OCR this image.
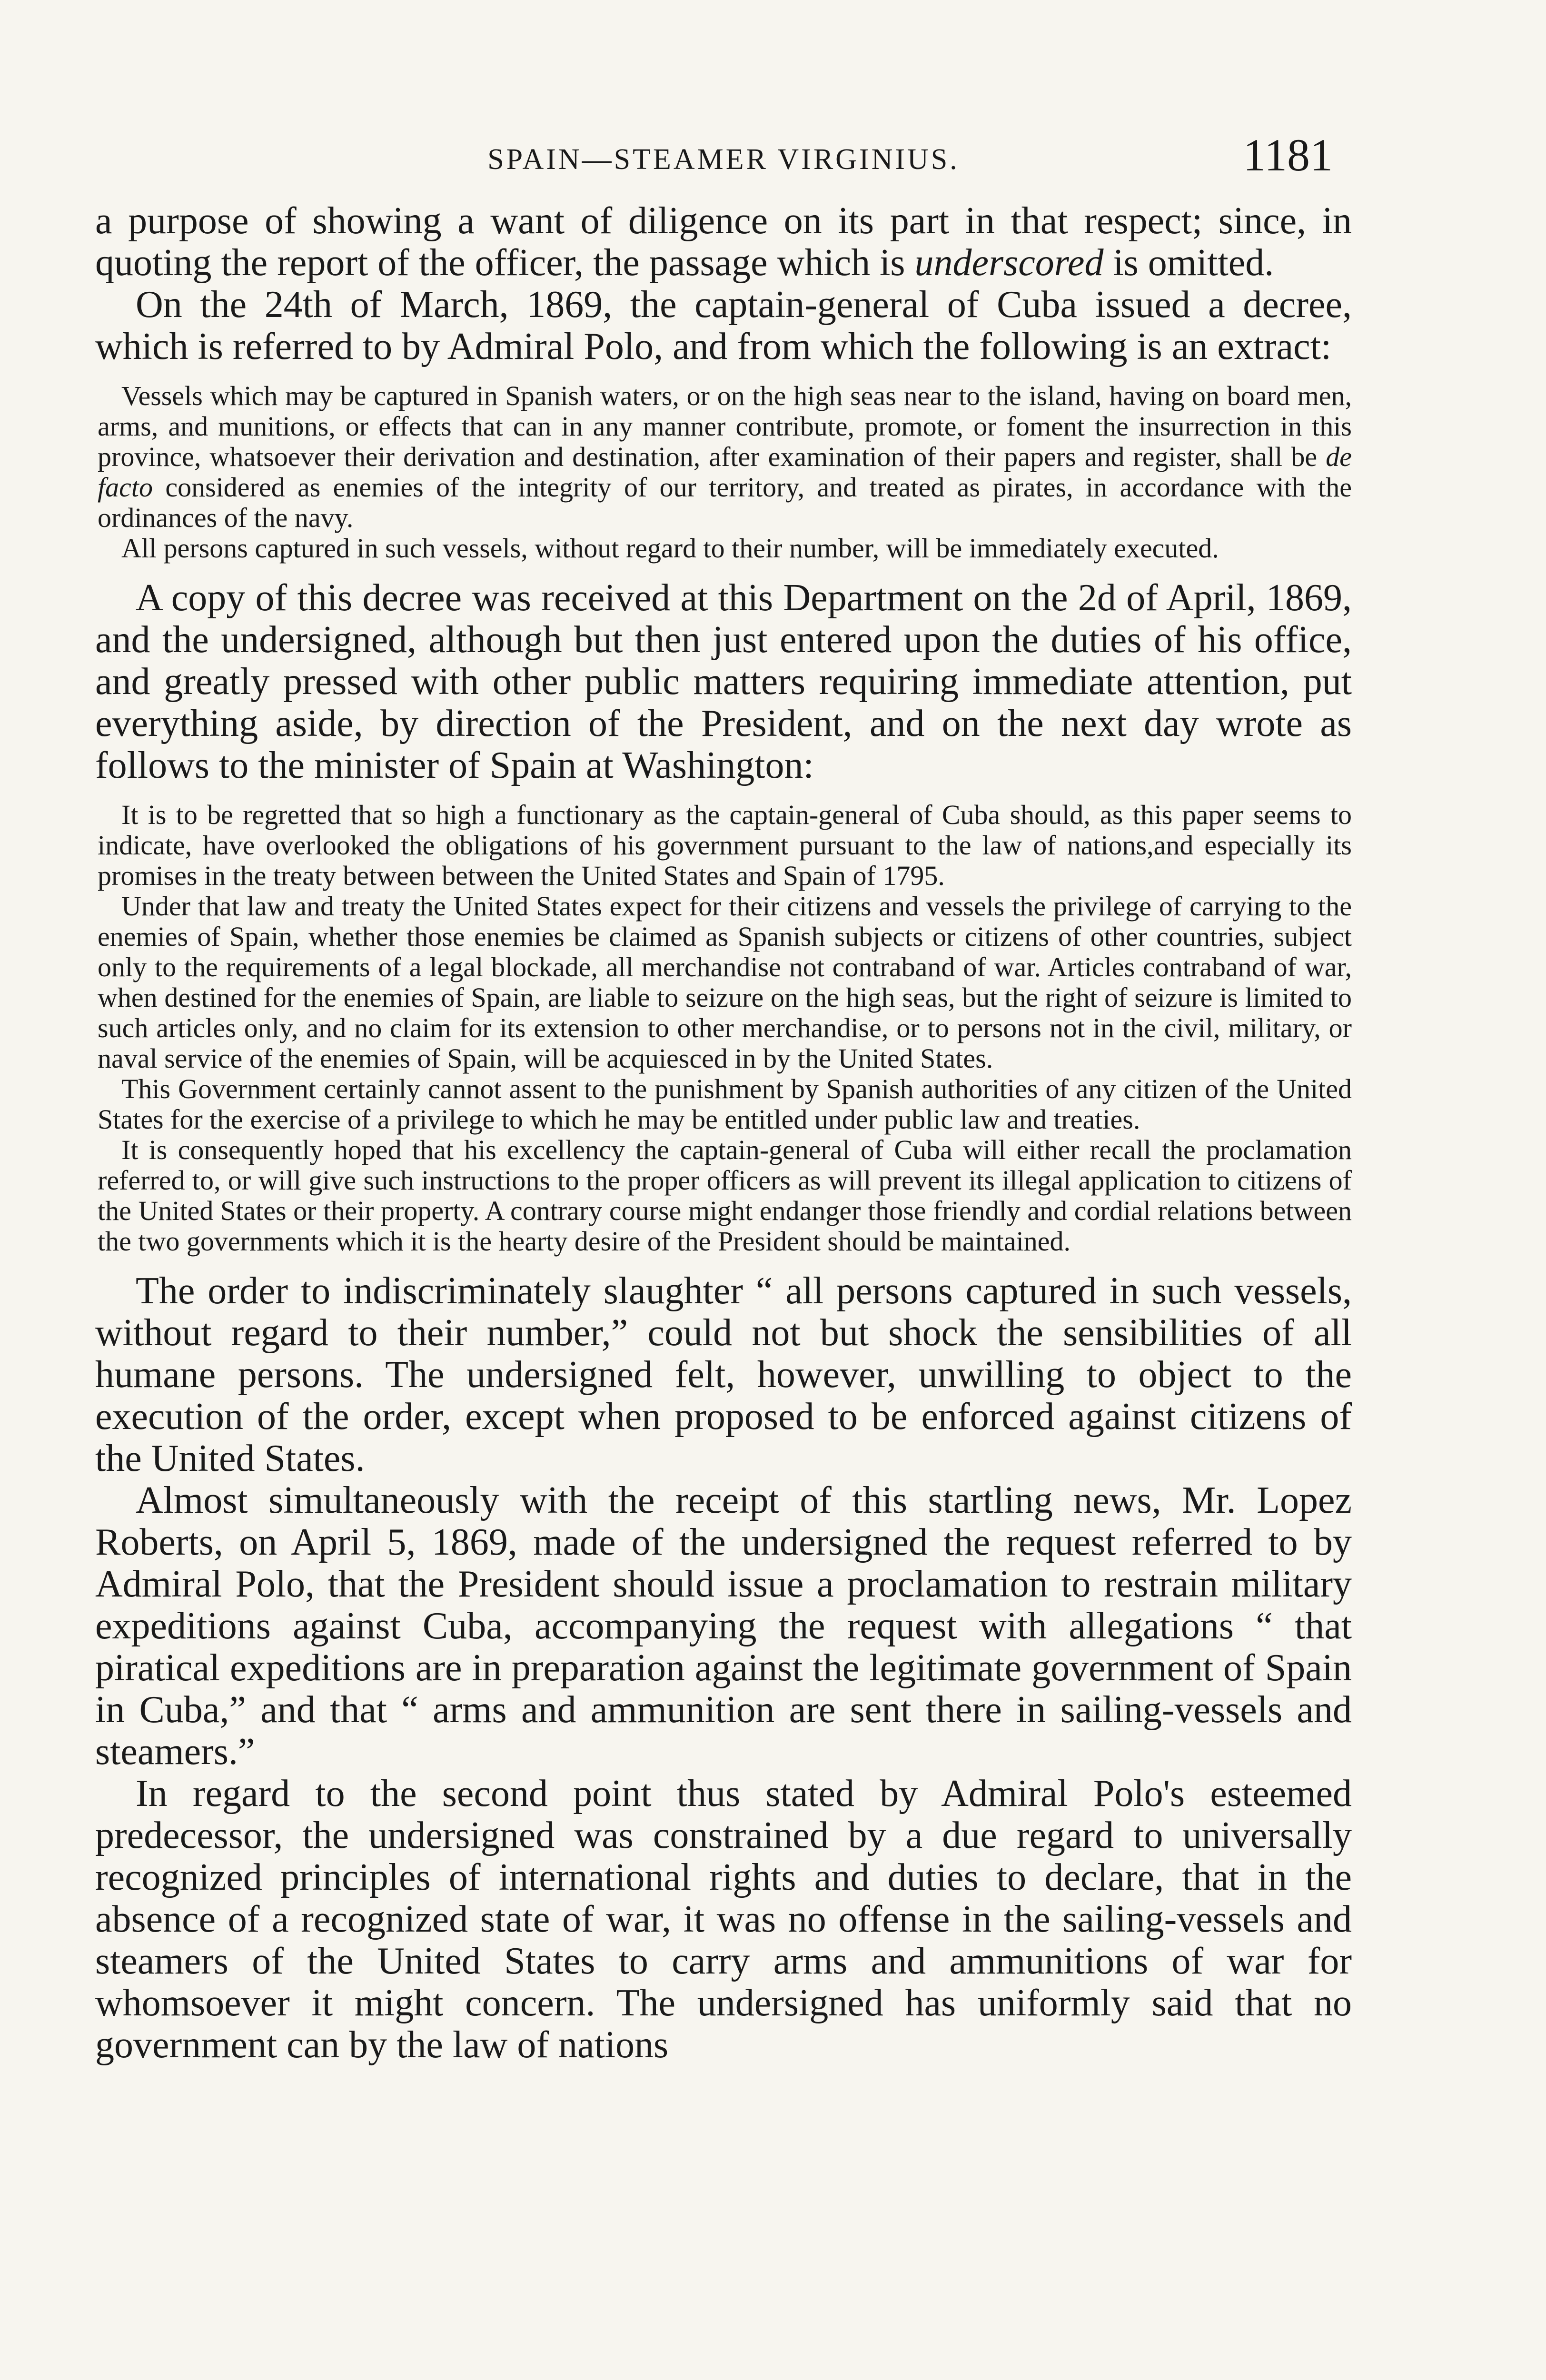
SPAIN—STEAMER VIRGINIUS.	1181

a purpose of showing a want of diligence on its part in that respect; since, in quoting the report of the officer, the passage which is underscored is omitted.

On the 24th of March, 1869, the captain-general of Cuba issued a decree, which is referred to by Admiral Polo, and from which the following is an extract:

Vessels which may be captured in Spanish waters, or on the high seas near to the island, having on board men, arms, and munitions, or effects that can in any manner contribute, promote, or foment the insurrection in this province, whatsoever their derivation and destination, after examination of their papers and register, shall be de facto considered as enemies of the integrity of our territory, and treated as pirates, in accordance with the ordinances of the navy.

All persons captured in such vessels, without regard to their number, will be immediately executed.

A copy of this decree was received at this Department on the 2d of April, 1869, and the undersigned, although but then just entered upon the duties of his office, and greatly pressed with other public matters requiring immediate attention, put everything aside, by direction of the President, and on the next day wrote as follows to the minister of Spain at Washington:

It is to be regretted that so high a functionary as the captain-general of Cuba should, as this paper seems to indicate, have overlooked the obligations of his government pursuant to the law of nations,and especially its promises in the treaty between between the United States and Spain of 1795.

Under that law and treaty the United States expect for their citizens and vessels the privilege of carrying to the enemies of Spain, whether those enemies be claimed as Spanish subjects or citizens of other countries, subject only to the requirements of a legal blockade, all merchandise not contraband of war. Articles contraband of war, when destined for the enemies of Spain, are liable to seizure on the high seas, but the right of seizure is limited to such articles only, and no claim for its extension to other merchandise, or to persons not in the civil, military, or naval service of the enemies of Spain, will be acquiesced in by the United States.

This Government certainly cannot assent to the punishment by Spanish authorities of any citizen of the United States for the exercise of a privilege to which he may be entitled under public law and treaties.

It is consequently hoped that his excellency the captain-general of Cuba will either recall the proclamation referred to, or will give such instructions to the proper officers as will prevent its illegal application to citizens of the United States or their property. A contrary course might endanger those friendly and cordial relations between the two governments which it is the hearty desire of the President should be maintained.

The order to indiscriminately slaughter “ all persons captured in such vessels, without regard to their number,” could not but shock the sensibilities of all humane persons. The undersigned felt, however, unwilling to object to the execution of the order, except when proposed to be enforced against citizens of the United States.

Almost simultaneously with the receipt of this startling news, Mr. Lopez Roberts, on April 5, 1869, made of the undersigned the request referred to by Admiral Polo, that the President should issue a proclamation to restrain military expeditions against Cuba, accompanying the request with allegations “ that piratical expeditions are in preparation against the legitimate government of Spain in Cuba,” and that “ arms and ammunition are sent there in sailing-vessels and steamers.”

In regard to the second point thus stated by Admiral Polo's esteemed predecessor, the undersigned was constrained by a due regard to universally recognized principles of international rights and duties to declare, that in the absence of a recognized state of war, it was no offense in the sailing-vessels and steamers of the United States to carry arms and ammunitions of war for whomsoever it might concern. The undersigned has uniformly said that no government can by the law of nations
